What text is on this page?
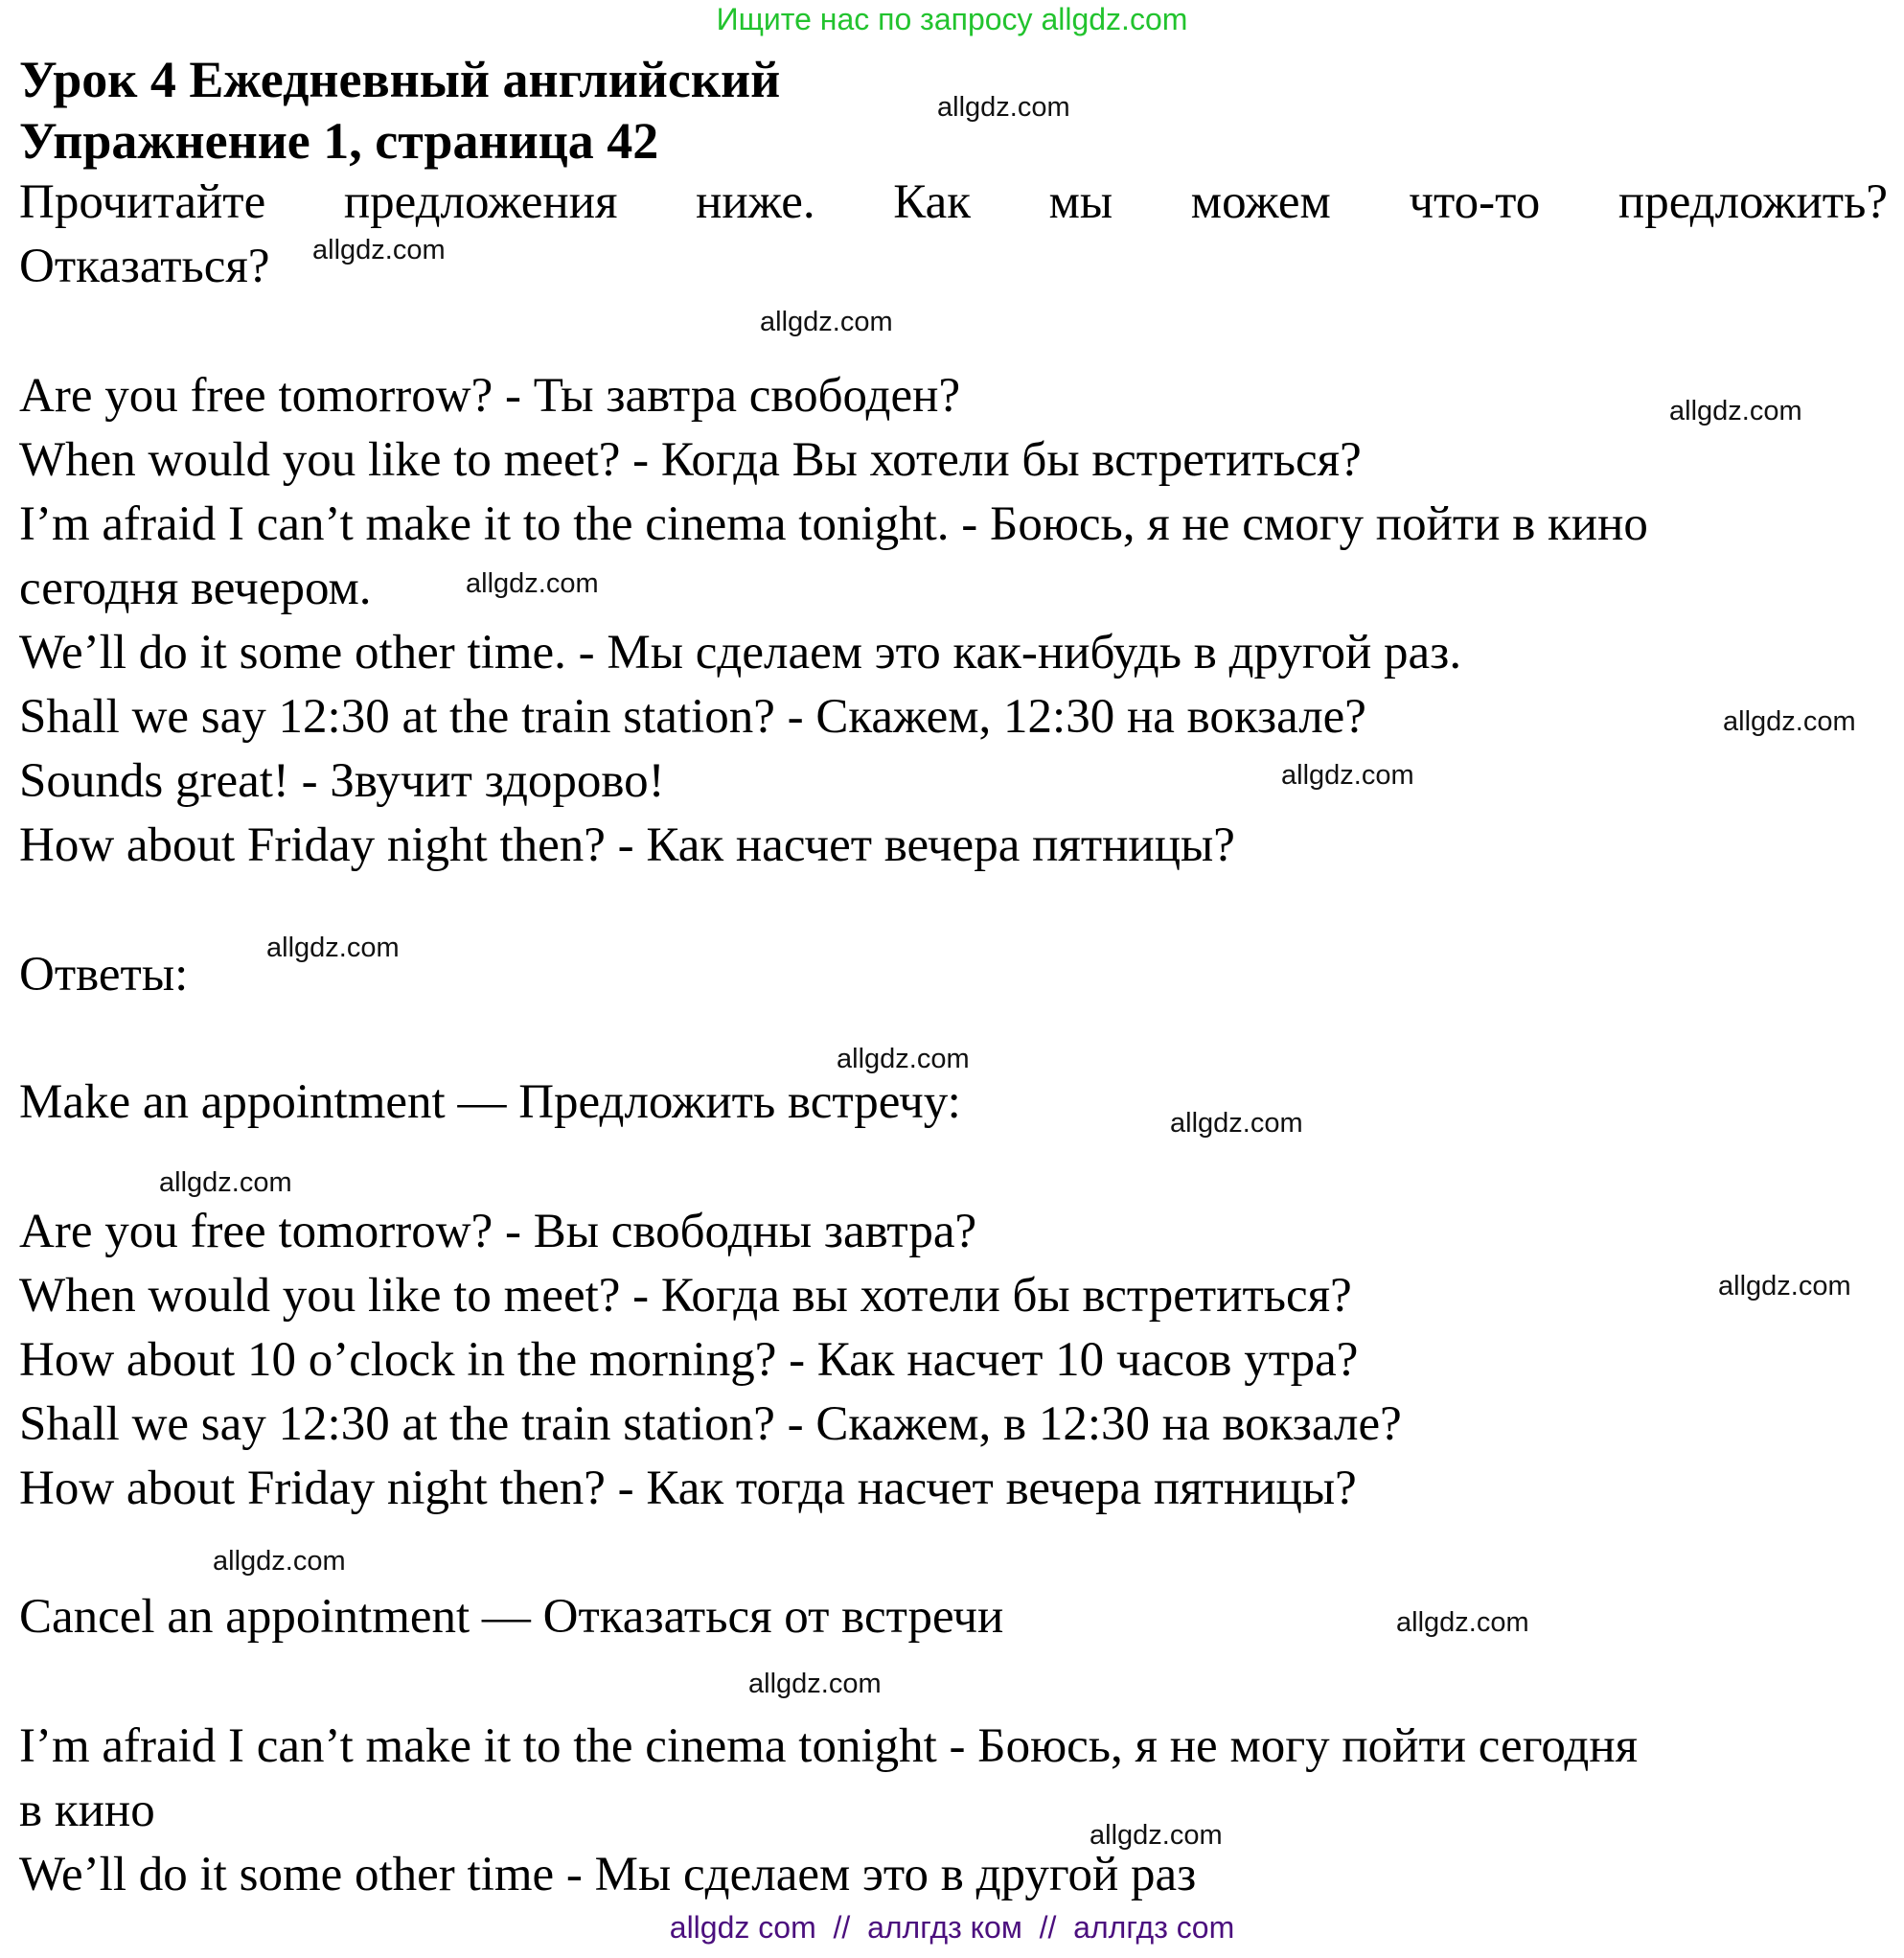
Ищите нас по запросу allgdz.com
Урок 4 Ежедневный английский
Упражнение 1, страница 42
Прочитайте предложения ниже. Как мы можем что-то предложить?
Отказаться?
Are you free tomorrow? - Ты завтра свободен?
When would you like to meet? - Когда Вы хотели бы встретиться?
I’m afraid I can’t make it to the cinema tonight. - Боюсь, я не смогу пойти в кино
сегодня вечером.
We’ll do it some other time. - Мы сделаем это как-нибудь в другой раз.
Shall we say 12:30 at the train station? - Скажем, 12:30 на вокзале?
Sounds great! - Звучит здорово!
How about Friday night then? - Как насчет вечера пятницы?
Ответы:
Make an appointment — Предложить встречу:
Are you free tomorrow? - Вы свободны завтра?
When would you like to meet? - Когда вы хотели бы встретиться?
How about 10 o’clock in the morning? - Как насчет 10 часов утра?
Shall we say 12:30 at the train station? - Скажем, в 12:30 на вокзале?
How about Friday night then? - Как тогда насчет вечера пятницы?
Cancel an appointment — Отказаться от встречи
I’m afraid I can’t make it to the cinema tonight - Боюсь, я не могу пойти сегодня
в кино
We’ll do it some other time - Мы сделаем это в другой раз
allgdz.com
allgdz.com
allgdz.com
allgdz.com
allgdz.com
allgdz.com
allgdz.com
allgdz.com
allgdz.com
allgdz.com
allgdz.com
allgdz.com
allgdz.com
allgdz.com
allgdz.com
allgdz.com
allgdz com  //  аллгдз ком  //  аллгдз com
